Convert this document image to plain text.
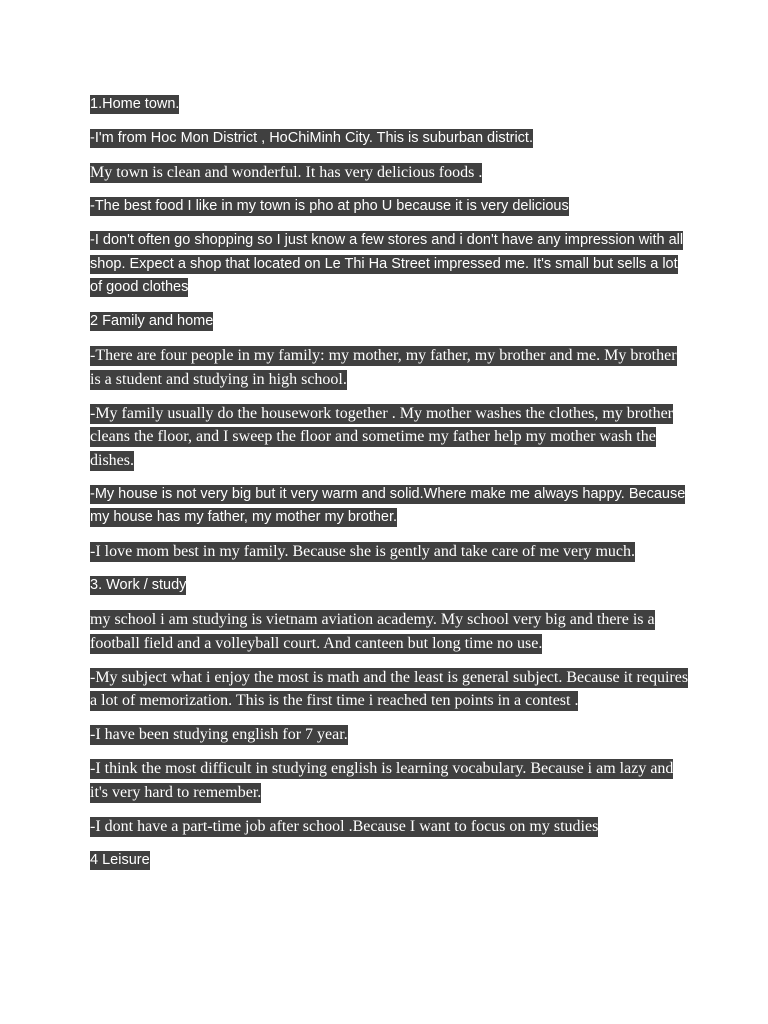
1.Home town.

-I'm from Hoc Mon District , HoChiMinh City. This is suburban district.

My town is clean and wonderful. It has very delicious foods .

-The best food I like in my town is pho at pho U because it is very delicious

-I don't often go shopping so I just know a few stores and i don't have any impression with all shop. Expect a shop that located on Le Thi Ha Street impressed me. It's small but sells a lot of good clothes

2 Family and home

-There are four people in my family: my mother, my father, my brother and me. My brother is a student and studying in high school.

-My family usually do the housework together . My mother washes the clothes, my brother cleans the floor, and I sweep the floor and sometime my father help my mother wash the dishes.

-My house is not very big but it very warm and solid.Where make me always happy. Because my house has my father, my mother my brother.

-I love mom best in my family. Because she is gently and take care of me very much.

3. Work / study

my school i am studying is vietnam aviation academy. My school very big and there is a football field and a volleyball court. And canteen but long time no use.

-My subject what i enjoy the most is math and the least is general subject. Because it requires a lot of memorization. This is the first time i reached ten points in a contest .

-I have been studying english for 7 year.

-I think the most difficult in studying english is learning vocabulary. Because i am lazy and it's very hard to remember.

-I dont have a part-time job after school .Because I want to focus on my studies

4 Leisure
